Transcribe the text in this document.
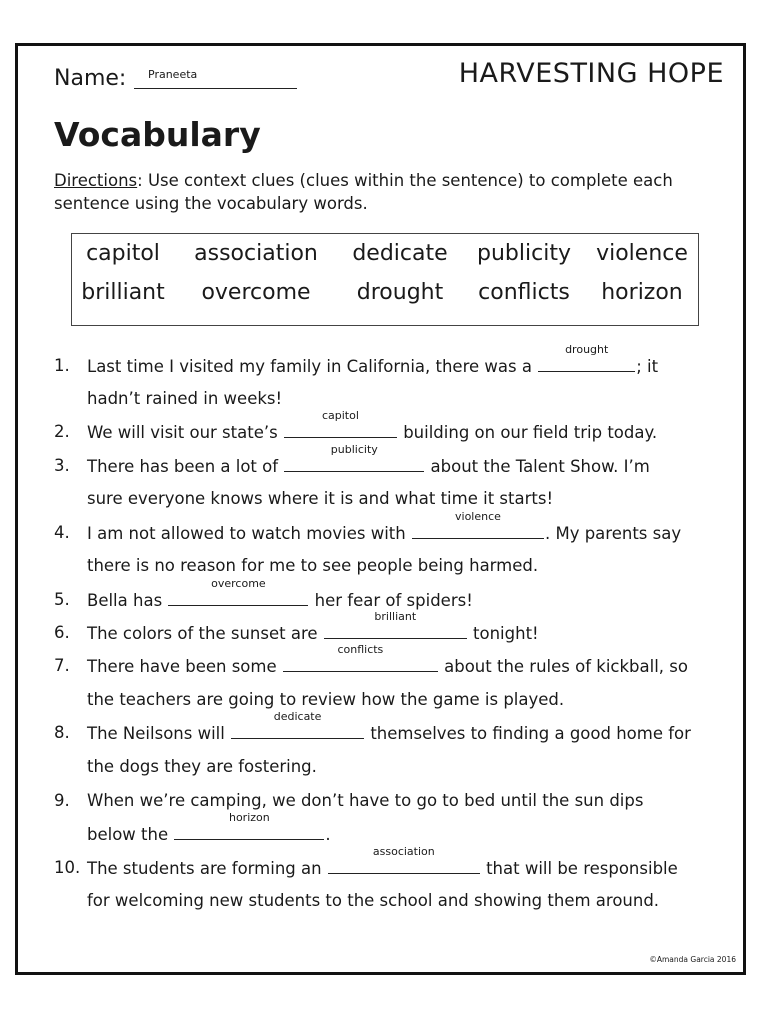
Name: Praneeta	HARVESTING HOPE
Vocabulary
Directions: Use context clues (clues within the sentence) to complete each sentence using the vocabulary words.
capitol association dedicate publicity violence
brilliant overcome drought conflicts horizon
1. Last time I visited my family in California, there was a
drought
; it
hadn’t rained in weeks!
2. We will visit our state’s
capitol
building on our field trip today.
3. There has been a lot of
publicity
about the Talent Show. I’m
sure everyone knows where it is and what time it starts!
4. I am not allowed to watch movies with
violence
. My parents say
there is no reason for me to see people being harmed.
5. Bella has
overcome
her fear of spiders!
6. The colors of the sunset are
brilliant
tonight!
7. There have been some
conflicts
about the rules of kickball, so
the teachers are going to review how the game is played.
8. The Neilsons will
dedicate
themselves to finding a good home for
the dogs they are fostering.
9. When we’re camping, we don’t have to go to bed until the sun dips
below the
horizon
.
10. The students are forming an
association
that will be responsible
for welcoming new students to the school and showing them around.
©Amanda Garcia 2016
